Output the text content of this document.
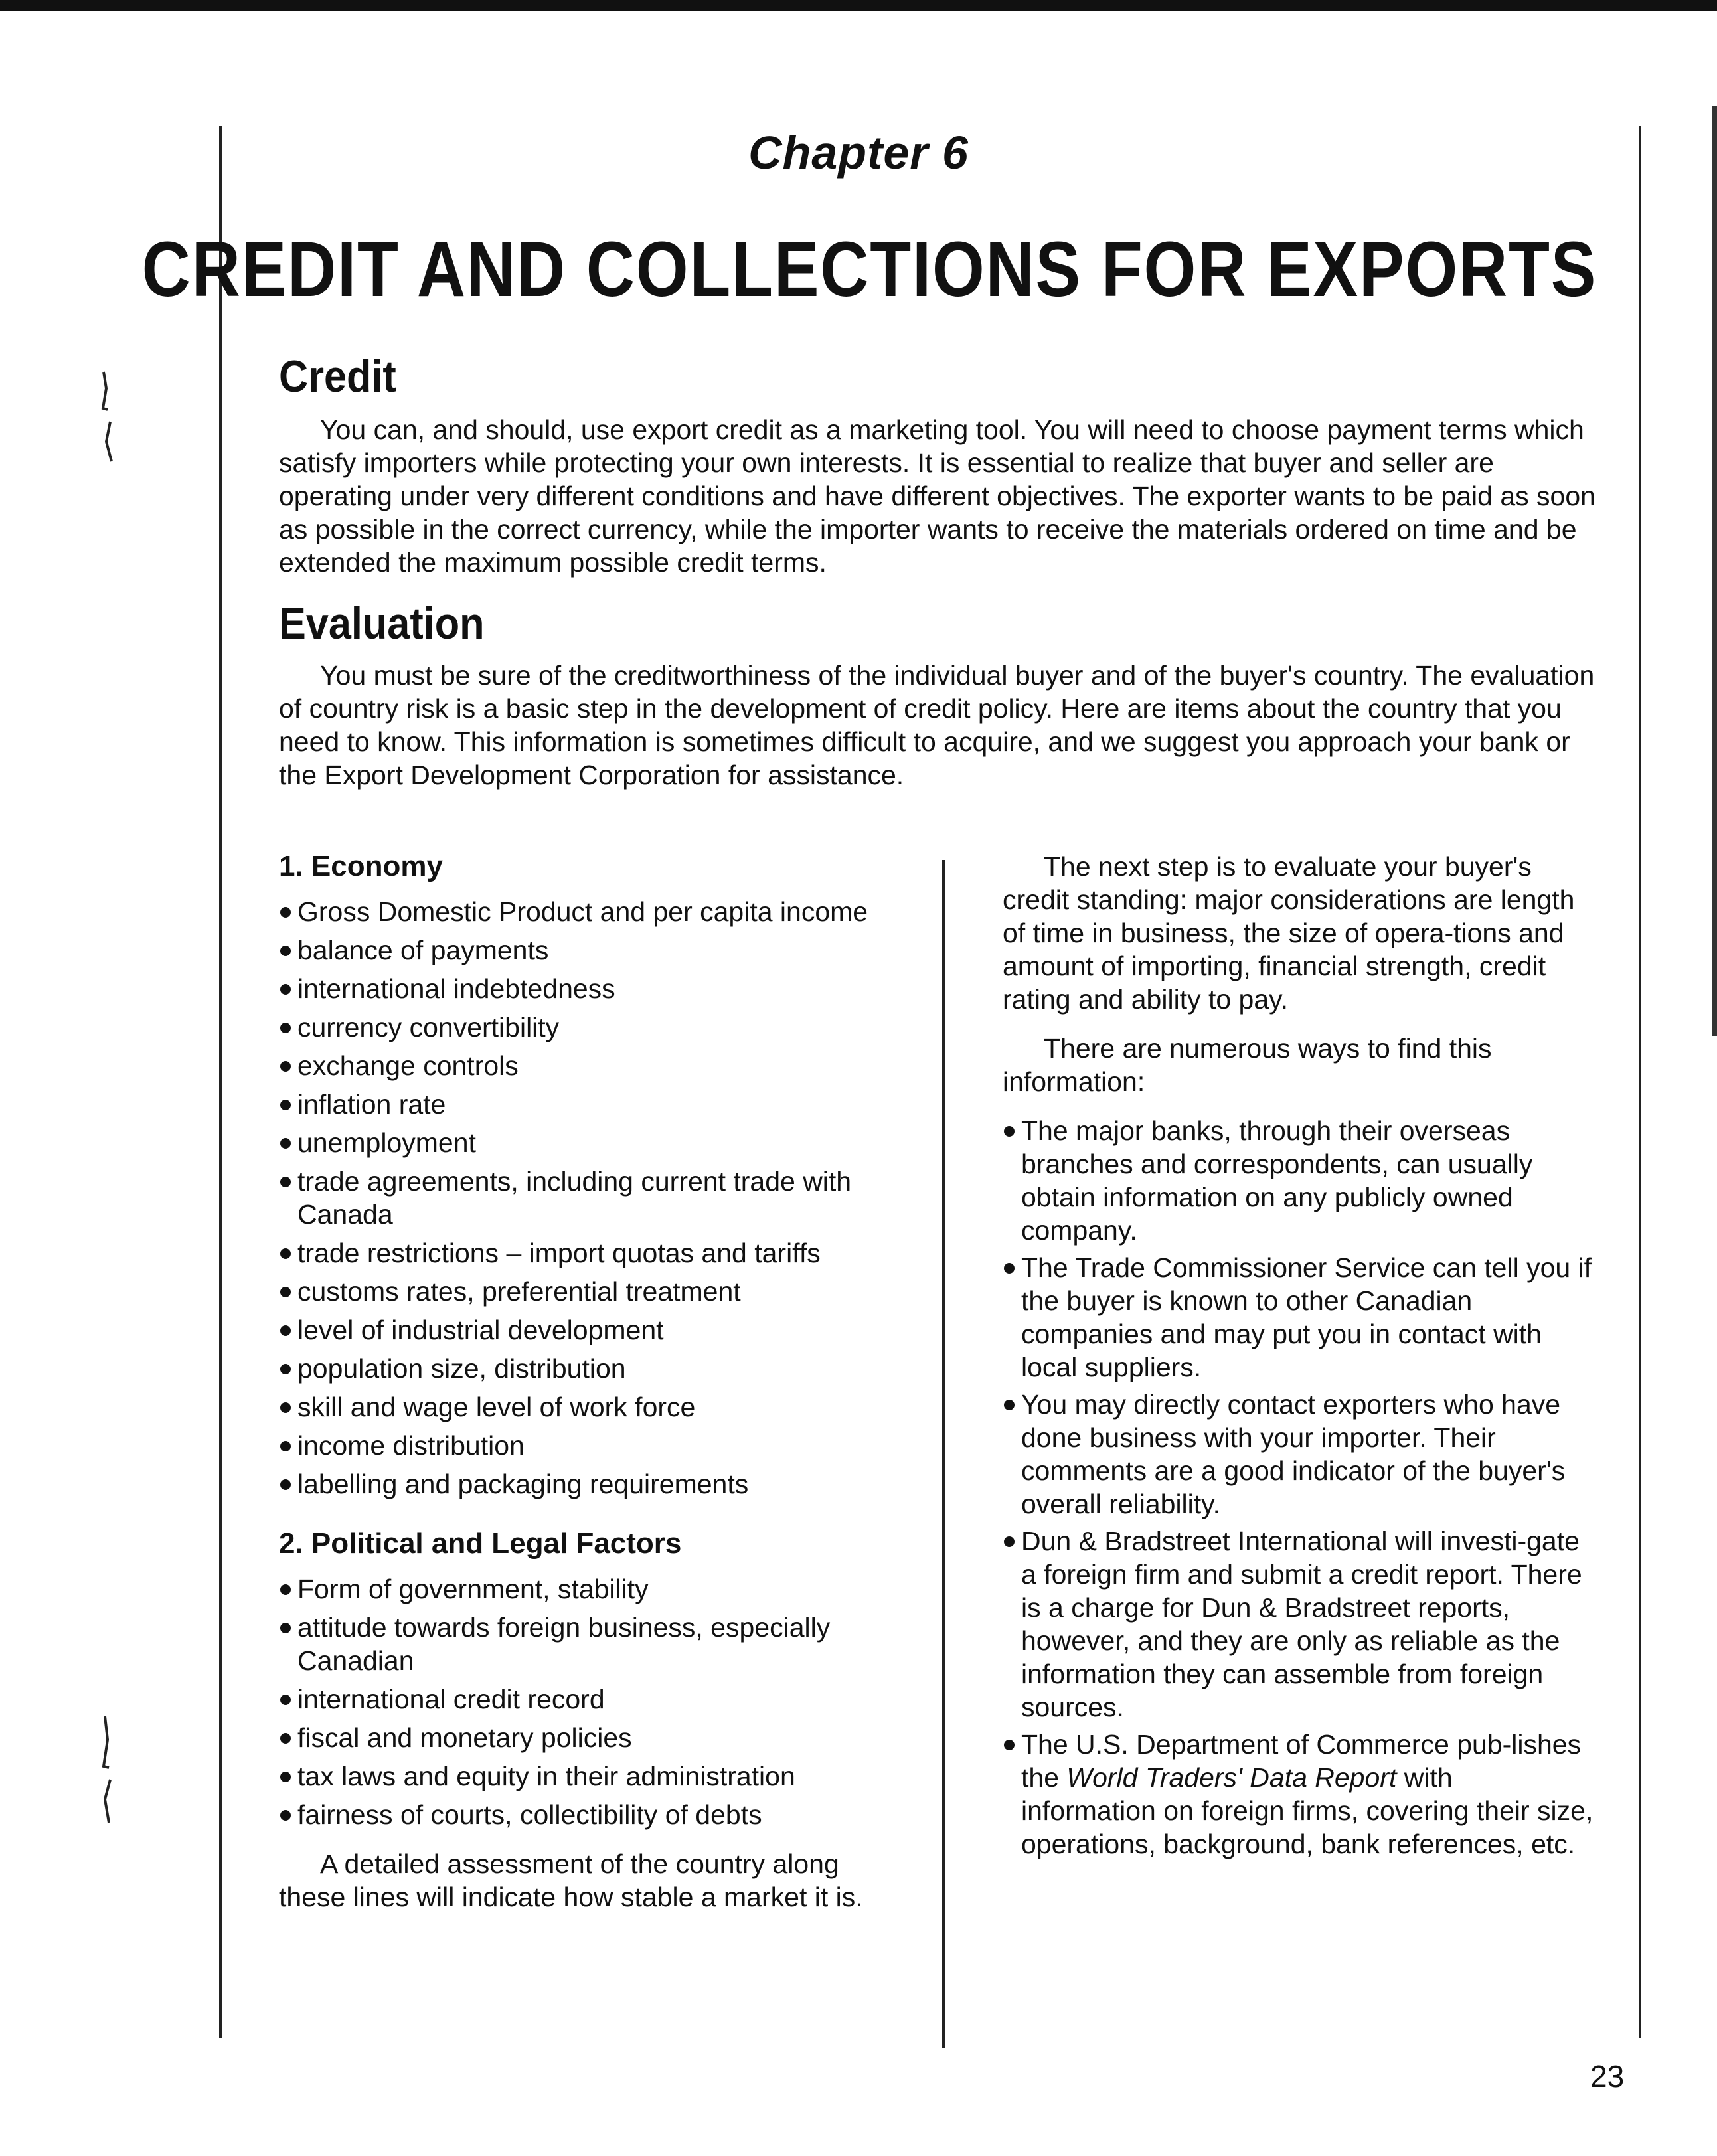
Chapter 6
CREDIT AND COLLECTIONS FOR EXPORTS
Credit
You can, and should, use export credit as a marketing tool. You will need to choose payment terms which satisfy importers while protecting your own interests. It is essential to realize that buyer and seller are operating under very different conditions and have different objectives. The exporter wants to be paid as soon as possible in the correct currency, while the importer wants to receive the materials ordered on time and be extended the maximum possible credit terms.
Evaluation
You must be sure of the creditworthiness of the individual buyer and of the buyer's country. The evaluation of country risk is a basic step in the development of credit policy. Here are items about the country that you need to know. This information is sometimes difficult to acquire, and we suggest you approach your bank or the Export Development Corporation for assistance.
1. Economy
Gross Domestic Product and per capita income
balance of payments
international indebtedness
currency convertibility
exchange controls
inflation rate
unemployment
trade agreements, including current trade with Canada
trade restrictions – import quotas and tariffs
customs rates, preferential treatment
level of industrial development
population size, distribution
skill and wage level of work force
income distribution
labelling and packaging requirements
2. Political and Legal Factors
Form of government, stability
attitude towards foreign business, especially Canadian
international credit record
fiscal and monetary policies
tax laws and equity in their administration
fairness of courts, collectibility of debts

A detailed assessment of the country along these lines will indicate how stable a market it is.

The next step is to evaluate your buyer's credit standing: major considerations are length of time in business, the size of opera-tions and amount of importing, financial strength, credit rating and ability to pay.

There are numerous ways to find this information:

The major banks, through their overseas branches and correspondents, can usually obtain information on any publicly owned company.
The Trade Commissioner Service can tell you if the buyer is known to other Canadian companies and may put you in contact with local suppliers.
You may directly contact exporters who have done business with your importer. Their comments are a good indicator of the buyer's overall reliability.
Dun & Bradstreet International will investi-gate a foreign firm and submit a credit report. There is a charge for Dun & Bradstreet reports, however, and they are only as reliable as the information they can assemble from foreign sources.
The U.S. Department of Commerce pub-lishes the World Traders' Data Report with information on foreign firms, covering their size, operations, background, bank references, etc.
23
